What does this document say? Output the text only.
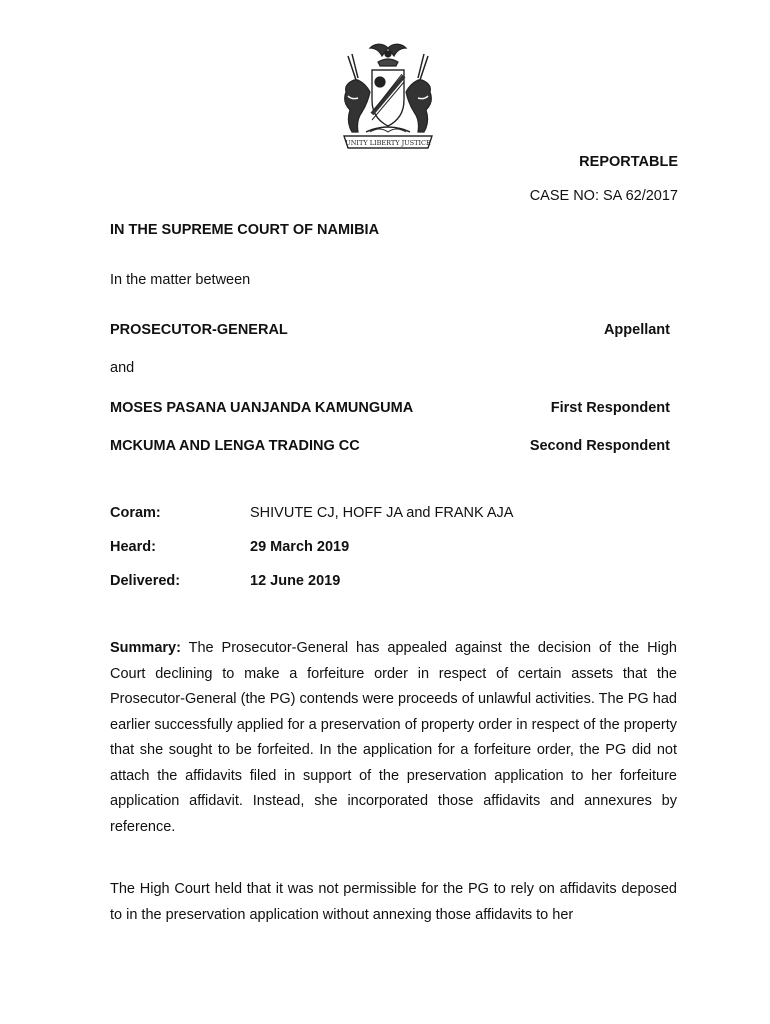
UNITY LIBERTY JUSTICE
REPORTABLE
CASE NO: SA 62/2017
IN THE SUPREME COURT OF NAMIBIA
In the matter between
PROSECUTOR-GENERAL	Appellant
and
MOSES PASANA UANJANDA KAMUNGUMA	First Respondent
MCKUMA AND LENGA TRADING CC	Second Respondent
Coram:	SHIVUTE CJ, HOFF JA and FRANK AJA
Heard:	29 March 2019
Delivered:	12 June 2019
Summary: The Prosecutor-General has appealed against the decision of the High Court declining to make a forfeiture order in respect of certain assets that the Prosecutor-General (the PG) contends were proceeds of unlawful activities. The PG had earlier successfully applied for a preservation of property order in respect of the property that she sought to be forfeited. In the application for a forfeiture order, the PG did not attach the affidavits filed in support of the preservation application to her forfeiture application affidavit. Instead, she incorporated those affidavits and annexures by reference.
The High Court held that it was not permissible for the PG to rely on affidavits deposed to in the preservation application without annexing those affidavits to her
